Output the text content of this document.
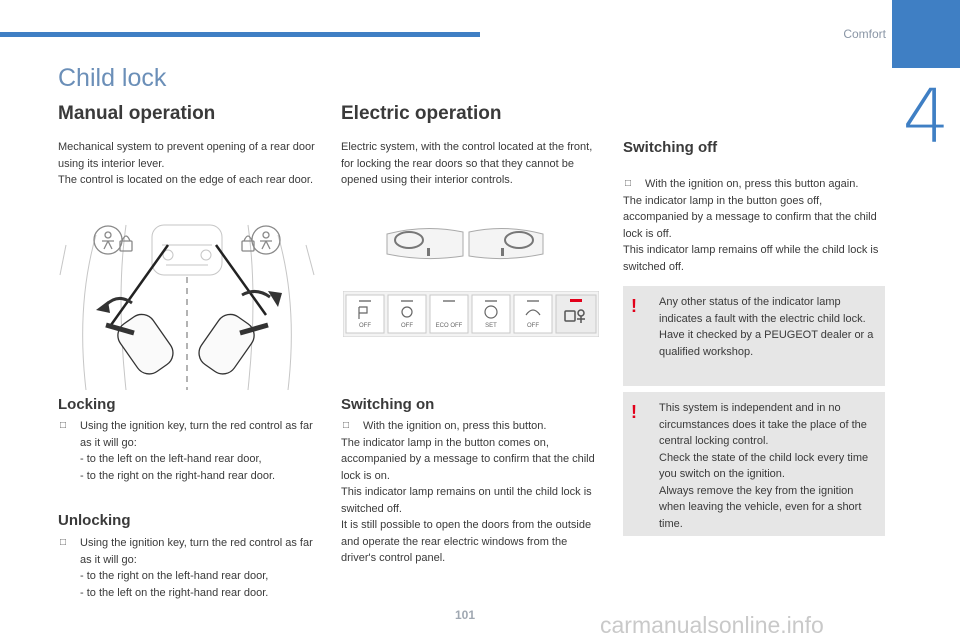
Comfort
4
Child lock
Manual operation

Mechanical system to prevent opening of a rear door using its interior lever.

The control is located on the edge of each rear door.

Locking
□ Using the ignition key, turn the red control as far as it will go:

- to the left on the left-hand rear door,

- to the right on the right-hand rear door.

Unlocking
□ Using the ignition key, turn the red control as far as it will go:

- to the right on the left-hand rear door,

- to the left on the right-hand rear door.

Electric operation
Electric system, with the control located at the front, for locking the rear doors so that they cannot be opened using their interior controls.
OFF	OFF	ECO OFF	SET	OFF
Switching on
□ With the ignition on, press this button.

The indicator lamp in the button comes on, accompanied by a message to confirm that the child lock is on.

This indicator lamp remains on until the child lock is switched off.

It is still possible to open the doors from the outside and operate the rear electric windows from the driver's control panel.

Switching off
□ With the ignition on, press this button again.

The indicator lamp in the button goes off, accompanied by a message to confirm that the child lock is off.

This indicator lamp remains off while the child lock is switched off.

! Any other status of the indicator lamp indicates a fault with the electric child lock.

Have it checked by a PEUGEOT dealer or a qualified workshop.

! This system is independent and in no circumstances does it take the place of the central locking control.

Check the state of the child lock every time you switch on the ignition.

Always remove the key from the ignition when leaving the vehicle, even for a short time.

101	carmanualsonline.info
